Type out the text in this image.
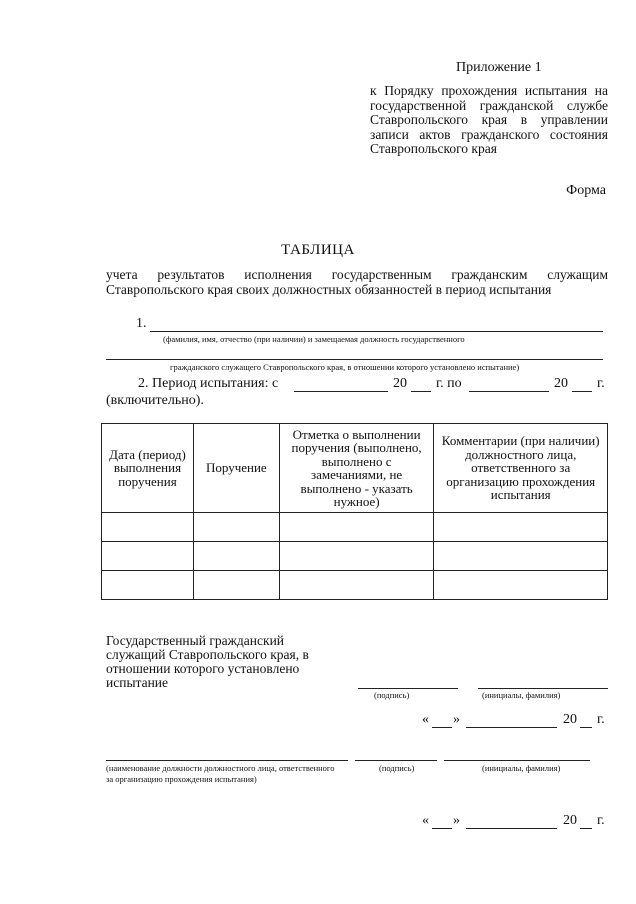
Приложение 1
к Порядку прохождения испытания на государственной гражданской службе Ставропольского края в управлении записи актов гражданского состояния Ставропольского края
Форма
ТАБЛИЦА
учета результатов исполнения государственным гражданским служащим Ставропольского края своих должностных обязанностей в период испытания
1.
(фамилия, имя, отчество (при наличии) и замещаемая должность государственного
гражданского служащего Ставропольского края, в отношении которого установлено испытание)
2. Период испытания: с	20 г. по	20 г.
(включительно).
Дата (период) выполнения поручения	Поручение	Отметка о выполнении поручения (выполнено, выполнено с замечаниями, не выполнено - указать нужное)	Комментарии (при наличии) должностного лица, ответственного за организацию прохождения испытания

Государственный гражданский служащий Ставропольского края, в отношении которого установлено испытание
(подпись)	(инициалы, фамилия)
« »	20 г.
(наименование должности должностного лица, ответственного за организацию прохождения испытания)
(подпись)	(инициалы, фамилия)
« »	20 г.
